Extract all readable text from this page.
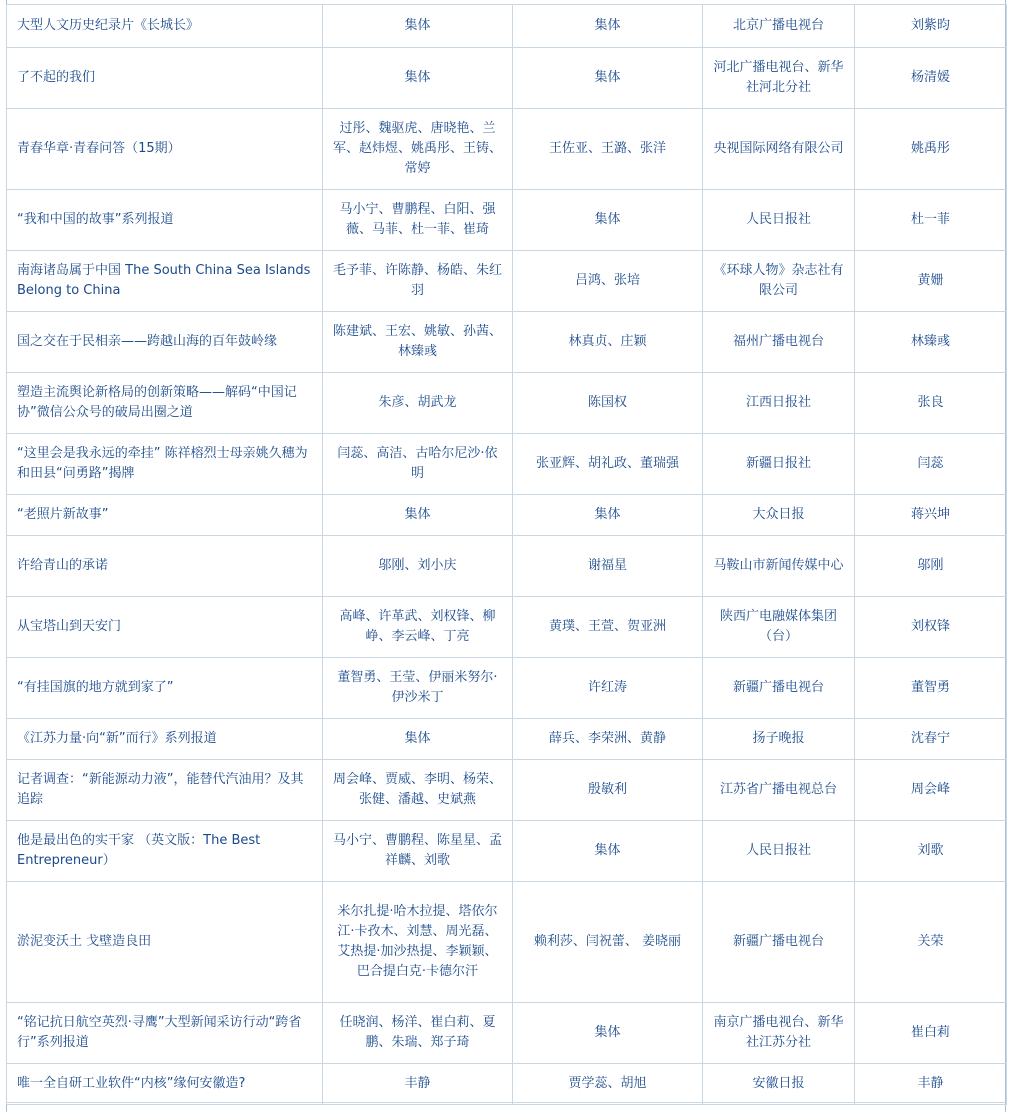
大型人文历史纪录片《长城长》	集体	集体	北京广播电视台	刘紫昀
了不起的我们	集体	集体	河北广播电视台、新华社河北分社	杨清媛
青春华章·青春问答（15期）	过彤、魏驱虎、唐晓艳、兰军、赵炜煜、姚禹彤、王铸、常婷	王佐亚、王潞、张洋	央视国际网络有限公司	姚禹彤
“我和中国的故事”系列报道	马小宁、曹鹏程、白阳、强薇、马菲、杜一菲、崔琦	集体	人民日报社	杜一菲
南海诸岛属于中国 The South China Sea Islands Belong to China	毛予菲、许陈静、杨皓、朱红羽	吕鸿、张培	《环球人物》杂志社有限公司	黄姗
国之交在于民相亲——跨越山海的百年鼓岭缘	陈建斌、王宏、姚敏、孙茜、林臻彧	林真贞、庄颖	福州广播电视台	林臻彧
塑造主流舆论新格局的创新策略——解码“中国记协”微信公众号的破局出圈之道	朱彦、胡武龙	陈国权	江西日报社	张良
“这里会是我永远的牵挂” 陈祥榕烈士母亲姚久穗为和田县“问勇路”揭牌	闫蕊、高洁、古哈尔尼沙·依明	张亚辉、胡礼政、董瑞强	新疆日报社	闫蕊
“老照片新故事”	集体	集体	大众日报	蒋兴坤
许给青山的承诺	邬刚、刘小庆	谢福星	马鞍山市新闻传媒中心	邬刚
从宝塔山到天安门	高峰、许革武、刘权锋、柳峥、李云峰、丁亮	黄璞、王萱、贺亚洲	陕西广电融媒体集团（台）	刘权锋
“有挂国旗的地方就到家了”	董智勇、王莹、伊丽米努尔·伊沙米丁	许红涛	新疆广播电视台	董智勇
《江苏力量·向“新”而行》系列报道	集体	薛兵、李荣洲、黄静	扬子晚报	沈春宁
记者调查：“新能源动力液”，能替代汽油用？及其追踪	周会峰、贾威、李明、杨荣、张健、潘越、史斌燕	殷敏利	江苏省广播电视总台	周会峰
他是最出色的实干家 （英文版：The Best Entrepreneur）	马小宁、曹鹏程、陈星星、孟祥麟、刘歌	集体	人民日报社	刘歌
淤泥变沃土 戈壁造良田	米尔扎提·哈木拉提、塔依尔江·卡孜木、刘慧、周光磊、艾热提·加沙热提、李颖颖、巴合提白克·卡德尔汗	赖利莎、闫祝蕾、 姜晓丽	新疆广播电视台	关荣
“铭记抗日航空英烈·寻鹰”大型新闻采访行动“跨省行”系列报道	任晓润、杨洋、崔白莉、夏鹏、朱瑞、郑子琦	集体	南京广播电视台、新华社江苏分社	崔白莉
唯一全自研工业软件“内核”缘何安徽造?	丰静	贾学蕊、胡旭	安徽日报	丰静
